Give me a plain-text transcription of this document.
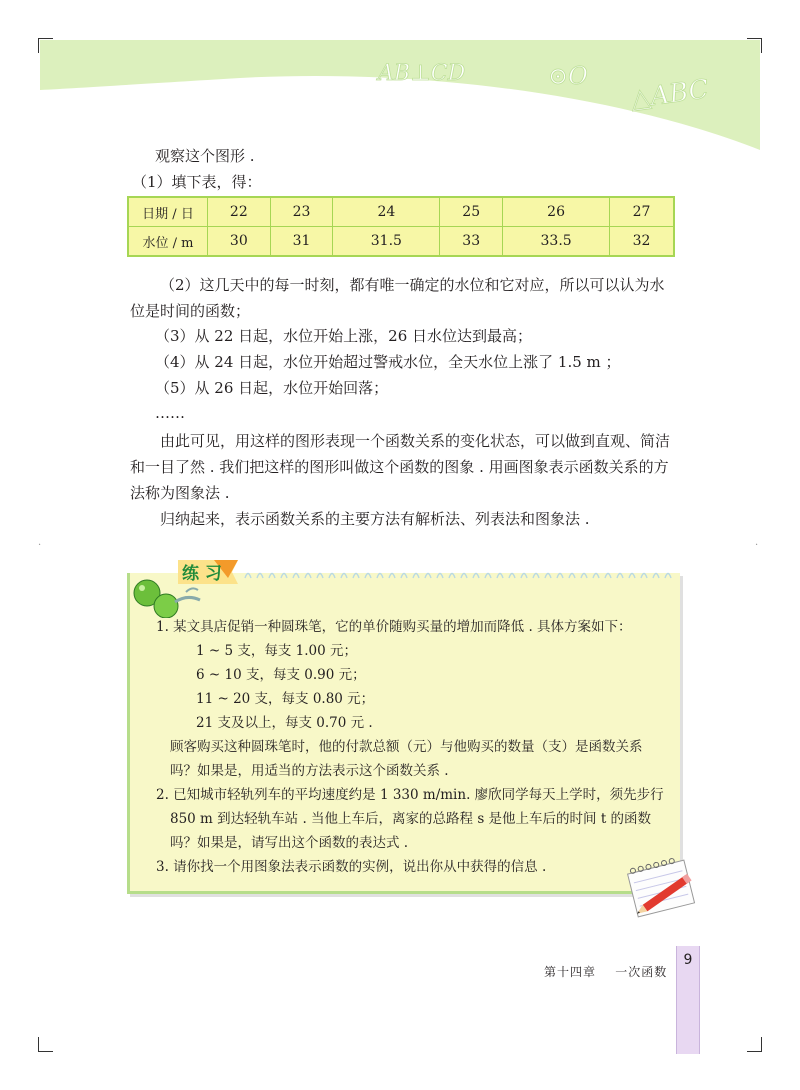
AB⊥CD	⊙O △ABC
观察这个图形 .
（1）填下表，得：
日期 / 日	22	23	24	25	26	27
水位 / m	30	31	31.5	33	33.5	32

（2）这几天中的每一时刻，都有唯一确定的水位和它对应，所以可以认为水位是时间的函数；

（3）从 22 日起，水位开始上涨，26 日水位达到最高；
（4）从 24 日起，水位开始超过警戒水位，全天水位上涨了 1.5 m ；
（5）从 26 日起，水位开始回落；
……

由此可见，用这样的图形表现一个函数关系的变化状态，可以做到直观、简洁和一目了然 . 我们把这样的图形叫做这个函数的图象 . 用画图象表示函数关系的方法称为图象法 .

归纳起来，表示函数关系的主要方法有解析法、列表法和图象法 .

·	·
1. 某文具店促销一种圆珠笔，它的单价随购买量的增加而降低 . 具体方案如下：
1 ~ 5 支，每支 1.00 元；
6 ~ 10 支，每支 0.90 元；
11 ~ 20 支，每支 0.80 元；
21 支及以上，每支 0.70 元 .
顾客购买这种圆珠笔时，他的付款总额（元）与他购买的数量（支）是函数关系
吗？如果是，用适当的方法表示这个函数关系 .
2. 已知城市轻轨列车的平均速度约是 1 330 m/min. 廖欣同学每天上学时，须先步行
850 m 到达轻轨车站 . 当他上车后，离家的总路程 s 是他上车后的时间 t 的函数
吗？如果是，请写出这个函数的表达式 .
3. 请你找一个用图象法表示函数的实例，说出你从中获得的信息 .
练 习
第十四章    一次函数
9
